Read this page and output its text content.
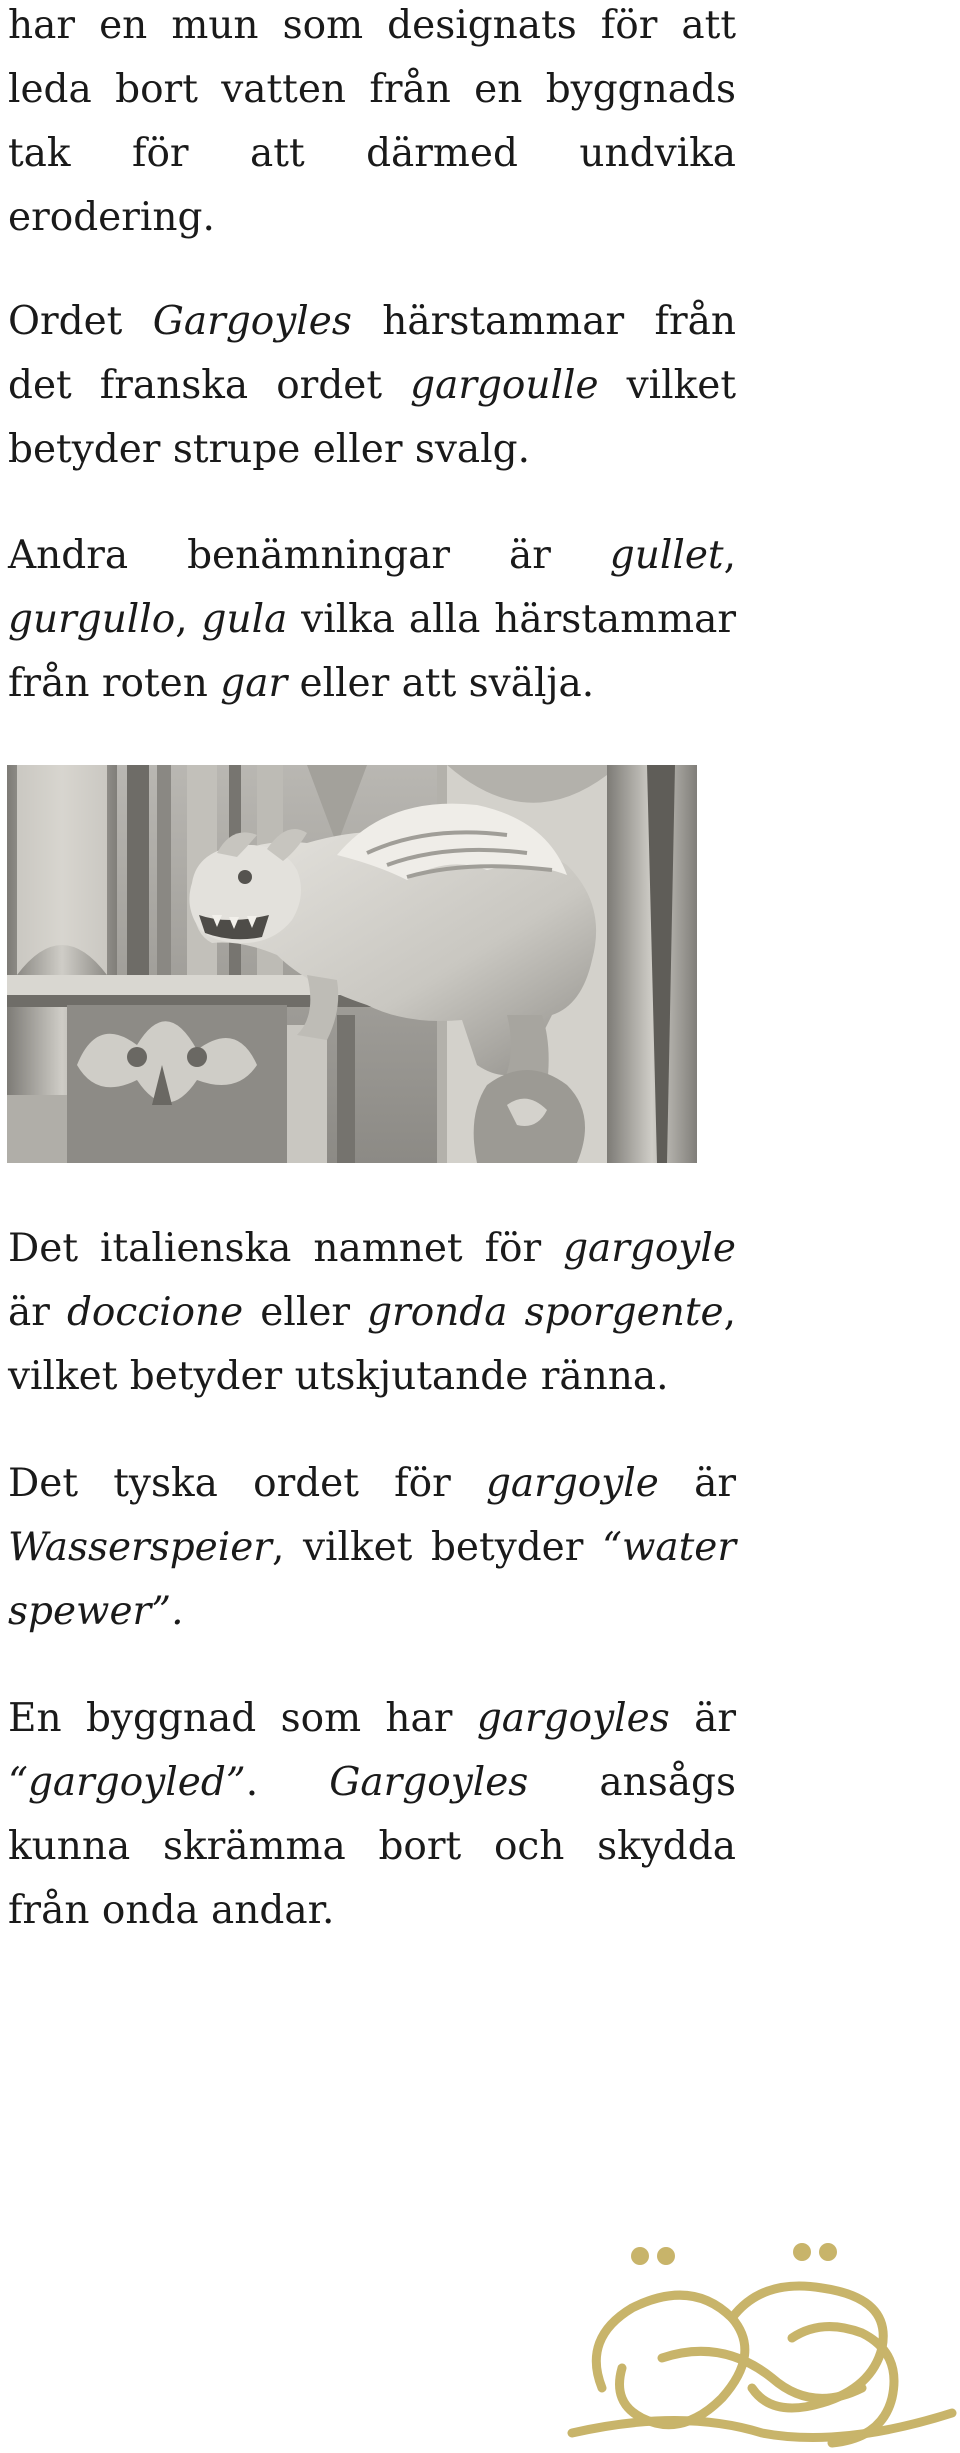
har en mun som designats för att leda bort vatten från en byggnads tak för att därmed undvika erodering.

Ordet Gargoyles härstammar från det franska ordet gargoulle vilket betyder strupe eller svalg.

Andra benämningar är gullet, gurgullo, gula vilka alla härstammar från roten gar eller att svälja.

Det italienska namnet för gargoyle är doccione eller gronda sporgente, vilket betyder utskjutande ränna.

Det tyska ordet för gargoyle är Wasserspeier, vilket betyder “water spewer”.

En byggnad som har gargoyles är “gargoyled”. Gargoyles ansågs kunna skrämma bort och skydda från onda andar.
